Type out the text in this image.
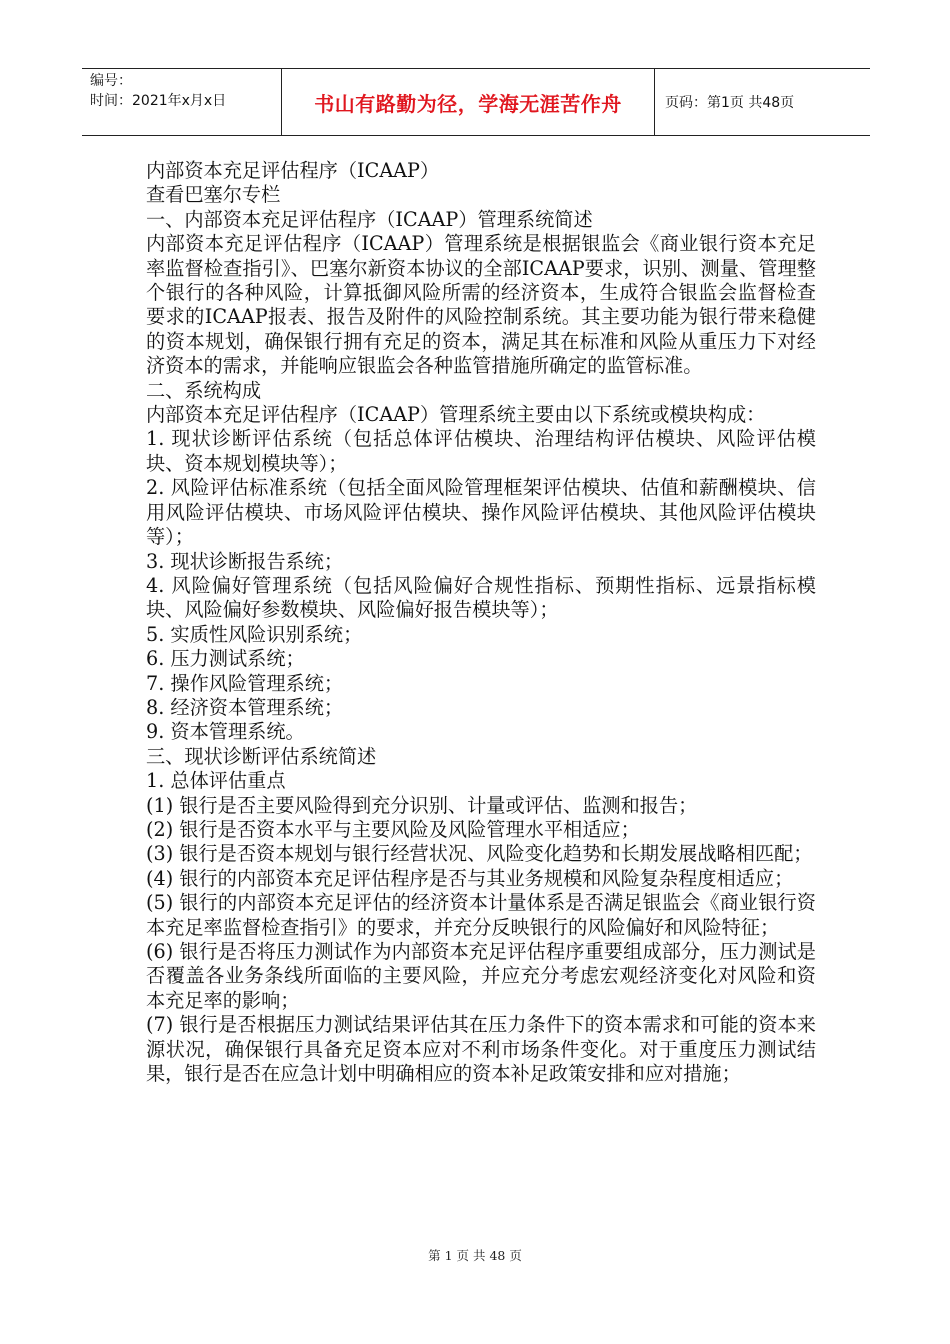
编号：
时间：2021年x月x日	书山有路勤为径，学海无涯苦作舟	页码：第1页 共48页

内部资本充足评估程序（ICAAP）

查看巴塞尔专栏

一、内部资本充足评估程序（ICAAP）管理系统简述

内部资本充足评估程序（ICAAP）管理系统是根据银监会《商业银行资本充足率监督检查指引》、巴塞尔新资本协议的全部ICAAP要求，识别、测量、管理整个银行的各种风险，计算抵御风险所需的经济资本，生成符合银监会监督检查要求的ICAAP报表、报告及附件的风险控制系统。其主要功能为银行带来稳健的资本规划，确保银行拥有充足的资本，满足其在标准和风险从重压力下对经济资本的需求，并能响应银监会各种监管措施所确定的监管标准。

二、系统构成

内部资本充足评估程序（ICAAP）管理系统主要由以下系统或模块构成：

1. 现状诊断评估系统（包括总体评估模块、治理结构评估模块、风险评估模块、资本规划模块等）；

2. 风险评估标准系统（包括全面风险管理框架评估模块、估值和薪酬模块、信用风险评估模块、市场风险评估模块、操作风险评估模块、其他风险评估模块等）；

3. 现状诊断报告系统；

4. 风险偏好管理系统（包括风险偏好合规性指标、预期性指标、远景指标模块、风险偏好参数模块、风险偏好报告模块等）；

5. 实质性风险识别系统；

6. 压力测试系统；

7. 操作风险管理系统；

8. 经济资本管理系统；

9. 资本管理系统。

三、现状诊断评估系统简述

1. 总体评估重点

(1) 银行是否主要风险得到充分识别、计量或评估、监测和报告；

(2) 银行是否资本水平与主要风险及风险管理水平相适应；

(3) 银行是否资本规划与银行经营状况、风险变化趋势和长期发展战略相匹配；

(4) 银行的内部资本充足评估程序是否与其业务规模和风险复杂程度相适应；

(5) 银行的内部资本充足评估的经济资本计量体系是否满足银监会《商业银行资本充足率监督检查指引》的要求，并充分反映银行的风险偏好和风险特征；

(6) 银行是否将压力测试作为内部资本充足评估程序重要组成部分，压力测试是否覆盖各业务条线所面临的主要风险，并应充分考虑宏观经济变化对风险和资本充足率的影响；

(7) 银行是否根据压力测试结果评估其在压力条件下的资本需求和可能的资本来源状况，确保银行具备充足资本应对不利市场条件变化。对于重度压力测试结果，银行是否在应急计划中明确相应的资本补足政策安排和应对措施；

第 1 页 共 48 页
